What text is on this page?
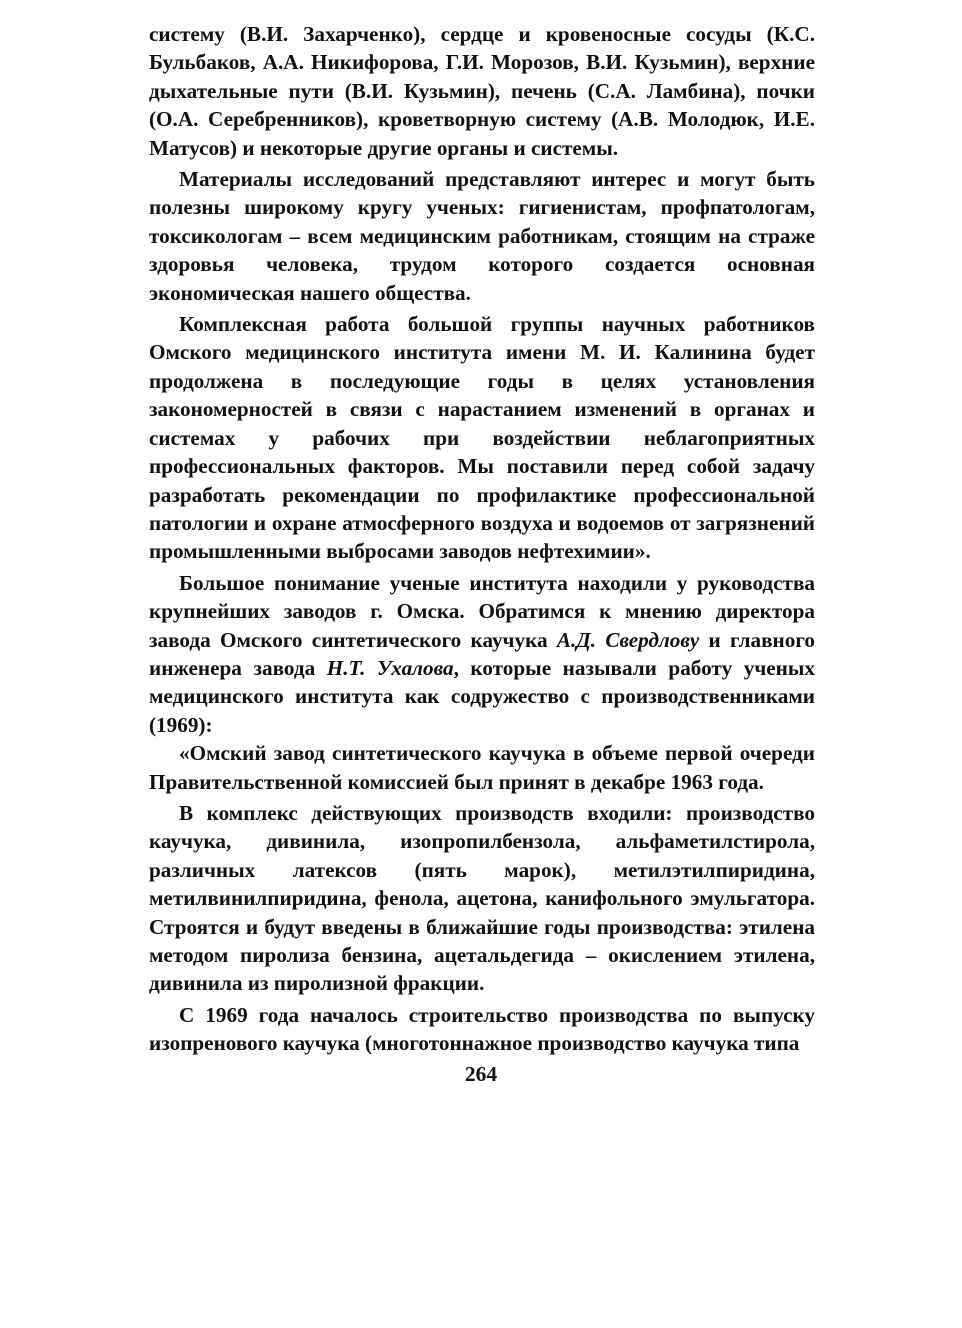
систему (В.И. Захарченко), сердце и кровеносные сосуды (К.С. Бульбаков, А.А. Никифорова, Г.И. Морозов, В.И. Кузьмин), верхние дыхательные пути (В.И. Кузьмин), печень (С.А. Ламбина), почки (О.А. Серебренников), кроветворную систему (А.В. Молодюк, И.Е. Матусов) и некоторые другие органы и системы.

Материалы исследований представляют интерес и могут быть полезны широкому кругу ученых: гигиенистам, профпатологам, токсикологам – всем медицинским работникам, стоящим на страже здоровья человека, трудом которого создается основная экономическая нашего общества.

Комплексная работа большой группы научных работников Омского медицинского института имени М. И. Калинина будет продолжена в последующие годы в целях установления закономерностей в связи с нарастанием изменений в органах и системах у рабочих при воздействии неблагоприятных профессиональных факторов. Мы поставили перед собой задачу разработать рекомендации по профилактике профессиональной патологии и охране атмосферного воздуха и водоемов от загрязнений промышленными выбросами заводов нефтехимии».

Большое понимание ученые института находили у руководства крупнейших заводов г. Омска. Обратимся к мнению директора завода Омского синтетического каучука А.Д. Свердлову и главного инженера завода Н.Т. Ухалова, которые называли работу ученых медицинского института как содружество с производственниками (1969):

«Омский завод синтетического каучука в объеме первой очереди Правительственной комиссией был принят в декабре 1963 года.

В комплекс действующих производств входили: производство каучука, дивинила, изопропилбензола, альфаметилстирола, различных латексов (пять марок), метилэтилпиридина, метилвинилпиридина, фенола, ацетона, канифольного эмульгатора. Строятся и будут введены в ближайшие годы производства: этилена методом пиролиза бензина, ацетальдегида – окислением этилена, дивинила из пиролизной фракции.

С 1969 года началось строительство производства по выпуску изопренового каучука (многотоннажное производство каучука типа

264
